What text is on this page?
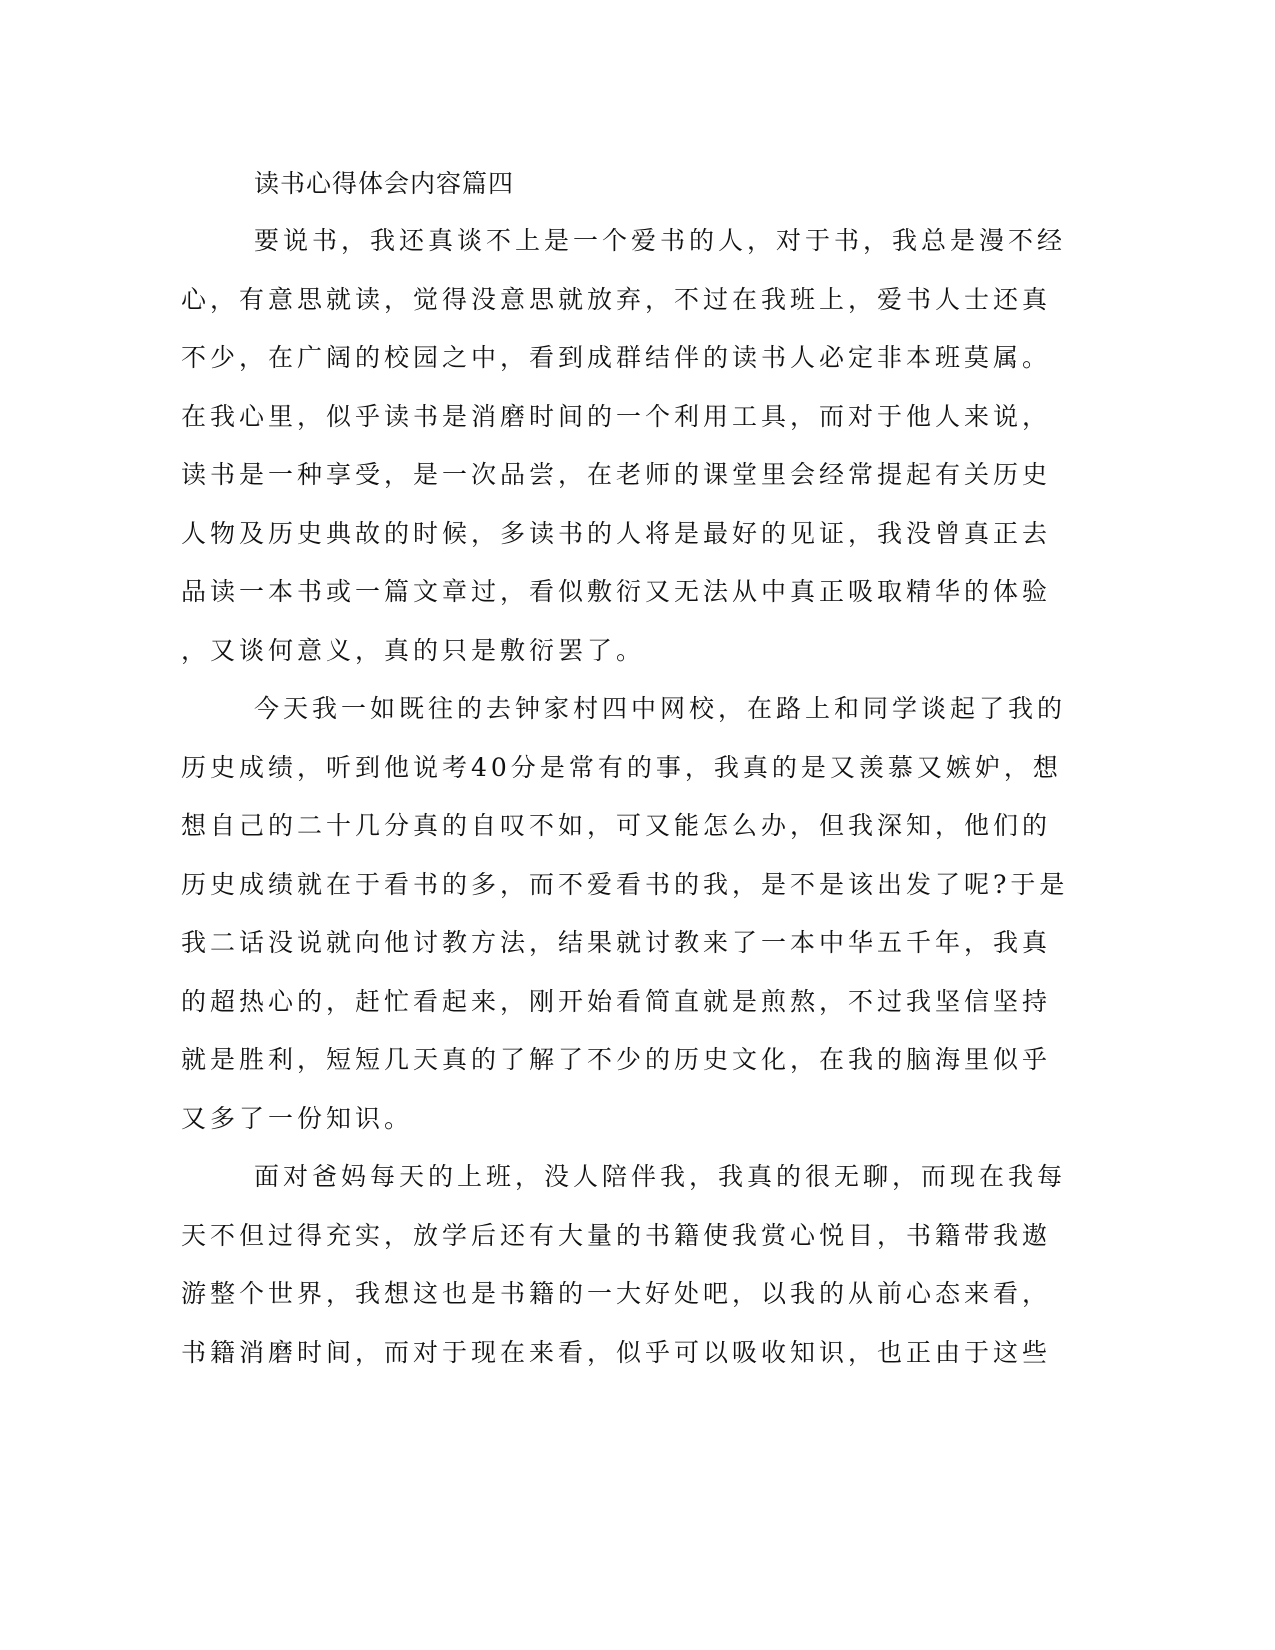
读书心得体会内容篇四
要说书，我还真谈不上是一个爱书的人，对于书，我总是漫不经
心，有意思就读，觉得没意思就放弃，不过在我班上，爱书人士还真
不少，在广阔的校园之中，看到成群结伴的读书人必定非本班莫属。
在我心里，似乎读书是消磨时间的一个利用工具，而对于他人来说，
读书是一种享受，是一次品尝，在老师的课堂里会经常提起有关历史
人物及历史典故的时候，多读书的人将是最好的见证，我没曾真正去
品读一本书或一篇文章过，看似敷衍又无法从中真正吸取精华的体验
，又谈何意义，真的只是敷衍罢了。
今天我一如既往的去钟家村四中网校，在路上和同学谈起了我的
历史成绩，听到他说考40分是常有的事，我真的是又羡慕又嫉妒，想
想自己的二十几分真的自叹不如，可又能怎么办，但我深知，他们的
历史成绩就在于看书的多，而不爱看书的我，是不是该出发了呢?于是
我二话没说就向他讨教方法，结果就讨教来了一本中华五千年，我真
的超热心的，赶忙看起来，刚开始看简直就是煎熬，不过我坚信坚持
就是胜利，短短几天真的了解了不少的历史文化，在我的脑海里似乎
又多了一份知识。
面对爸妈每天的上班，没人陪伴我，我真的很无聊，而现在我每
天不但过得充实，放学后还有大量的书籍使我赏心悦目，书籍带我遨
游整个世界，我想这也是书籍的一大好处吧，以我的从前心态来看，
书籍消磨时间，而对于现在来看，似乎可以吸收知识，也正由于这些
